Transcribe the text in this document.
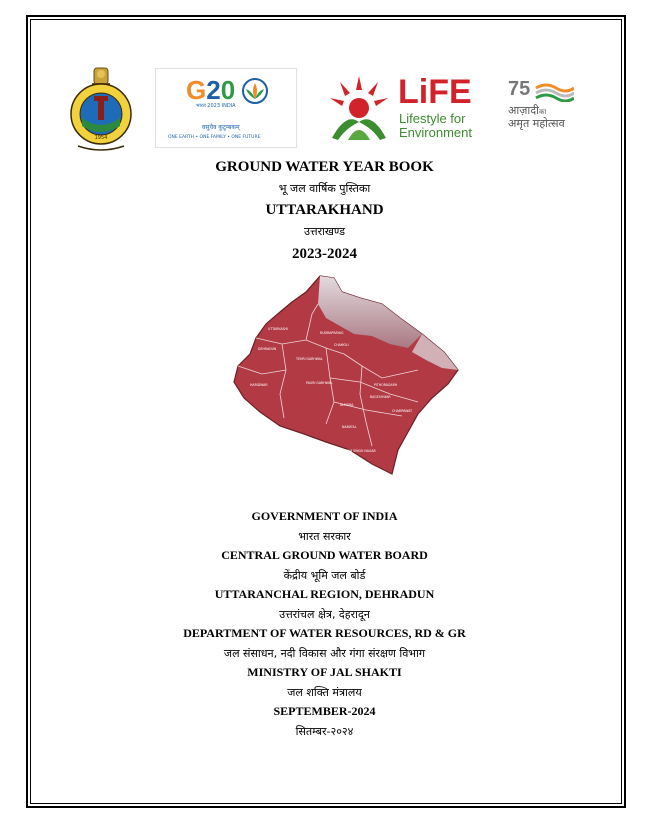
1954
G20
भारत 2023 INDIA
वसुधैव कुटुम्बकम्
ONE EARTH • ONE FAMILY • ONE FUTURE
LiFE
Lifestyle for
Environment
75
आज़ादीका
अमृत महोत्सव
GROUND WATER YEAR BOOK
भू जल वार्षिक पुस्तिका
UTTARAKHAND
उत्तराखण्ड
2023-2024
UTTARKASHI
DEHRADUN
TEHRI GARHWAL
CHAMOLI
PAURI GARHWAL
HARIDWAR	PITHORAGARH
BAGESHWAR
ALMORA
CHAMPAWAT
NAINITAL
UDHAM SINGH NAGAR
RUDRAPRAYAG
GOVERNMENT OF INDIA
भारत सरकार
CENTRAL GROUND WATER BOARD
केंद्रीय भूमि जल बोर्ड
UTTARANCHAL REGION, DEHRADUN
उत्तरांचल क्षेत्र, देहरादून
DEPARTMENT OF WATER RESOURCES, RD & GR
जल संसाधन, नदी विकास और गंगा संरक्षण विभाग
MINISTRY OF JAL SHAKTI
जल शक्ति मंत्रालय
SEPTEMBER-2024
सितम्बर-२०२४
